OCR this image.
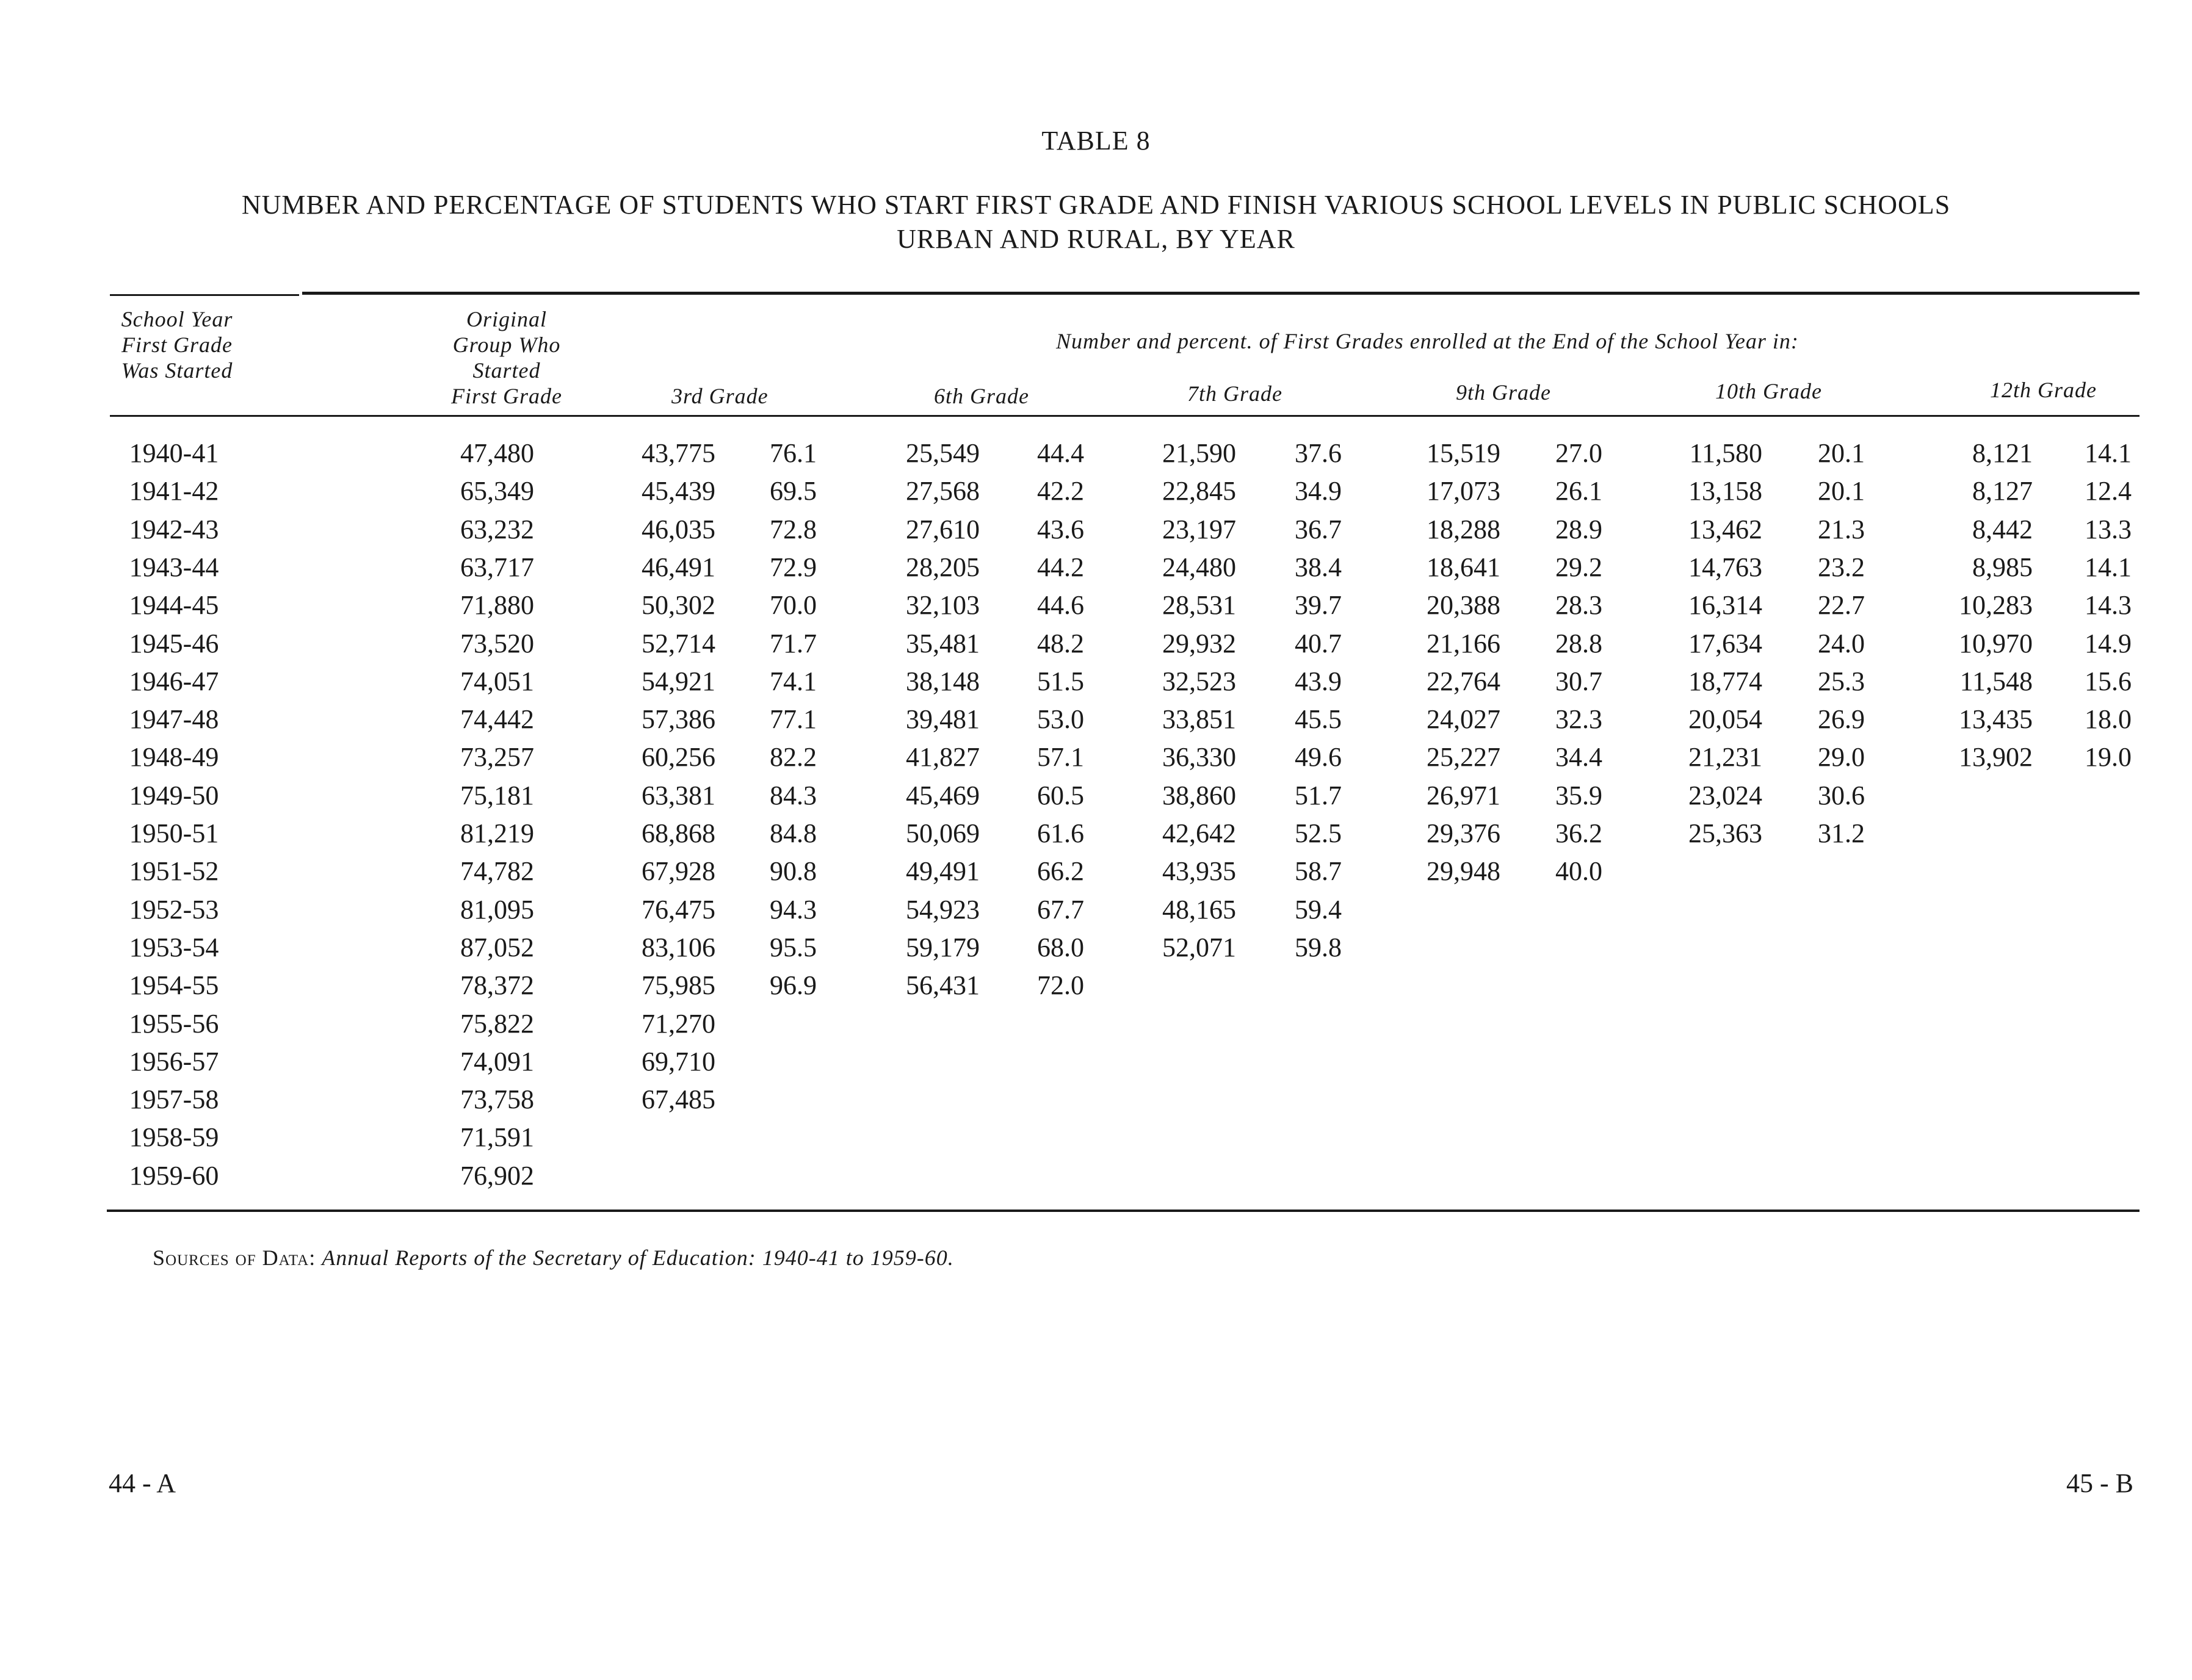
TABLE 8
NUMBER AND PERCENTAGE OF STUDENTS WHO START FIRST GRADE AND FINISH VARIOUS SCHOOL LEVELS IN PUBLIC SCHOOLS
URBAN AND RURAL, BY YEAR
School Year
First Grade
Was Started
Original
Group Who
Started
First Grade
Number and percent. of First Grades enrolled at the End of the School Year in:
3rd Grade	6th Grade	7th Grade	9th Grade	10th Grade	12th Grade
1940-41	47,480	43,775	76.1	25,549	44.4	21,590	37.6	15,519	27.0	11,580	20.1	8,121	14.1
1941-42	65,349	45,439	69.5	27,568	42.2	22,845	34.9	17,073	26.1	13,158	20.1	8,127	12.4
1942-43	63,232	46,035	72.8	27,610	43.6	23,197	36.7	18,288	28.9	13,462	21.3	8,442	13.3
1943-44	63,717	46,491	72.9	28,205	44.2	24,480	38.4	18,641	29.2	14,763	23.2	8,985	14.1
1944-45	71,880	50,302	70.0	32,103	44.6	28,531	39.7	20,388	28.3	16,314	22.7	10,283	14.3
1945-46	73,520	52,714	71.7	35,481	48.2	29,932	40.7	21,166	28.8	17,634	24.0	10,970	14.9
1946-47	74,051	54,921	74.1	38,148	51.5	32,523	43.9	22,764	30.7	18,774	25.3	11,548	15.6
1947-48	74,442	57,386	77.1	39,481	53.0	33,851	45.5	24,027	32.3	20,054	26.9	13,435	18.0
1948-49	73,257	60,256	82.2	41,827	57.1	36,330	49.6	25,227	34.4	21,231	29.0	13,902	19.0
1949-50	75,181	63,381	84.3	45,469	60.5	38,860	51.7	26,971	35.9	23,024	30.6
1950-51	81,219	68,868	84.8	50,069	61.6	42,642	52.5	29,376	36.2	25,363	31.2
1951-52	74,782	67,928	90.8	49,491	66.2	43,935	58.7	29,948	40.0
1952-53	81,095	76,475	94.3	54,923	67.7	48,165	59.4
1953-54	87,052	83,106	95.5	59,179	68.0	52,071	59.8
1954-55	78,372	75,985	96.9	56,431	72.0
1955-56	75,822	71,270
1956-57	74,091	69,710
1957-58	73,758	67,485
1958-59	71,591
1959-60	76,902
Sources of Data: Annual Reports of the Secretary of Education: 1940-41 to 1959-60.
44 - A	45 - B
